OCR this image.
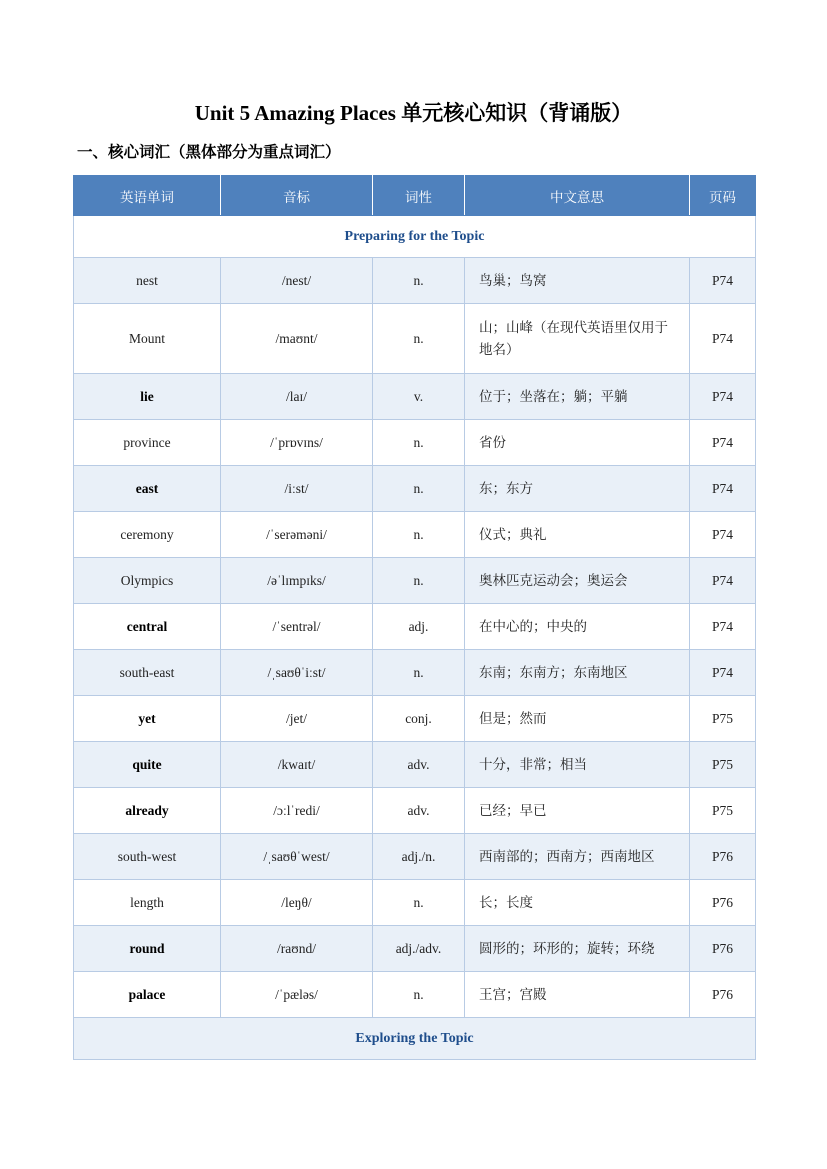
Unit 5 Amazing Places 单元核心知识（背诵版）
一、核心词汇（黑体部分为重点词汇）
英语单词	音标	词性	中文意思	页码
Preparing for the Topic				
nest	/nest/	n.	鸟巢；鸟窝	P74
Mount	/maʊnt/	n.	山；山峰（在现代英语里仅用于地名）	P74
lie	/laɪ/	v.	位于；坐落在；躺；平躺	P74
province	/ˈprɒvɪns/	n.	省份	P74
east	/iːst/	n.	东；东方	P74
ceremony	/ˈserəməni/	n.	仪式；典礼	P74
Olympics	/əˈlɪmpɪks/	n.	奥林匹克运动会；奥运会	P74
central	/ˈsentrəl/	adj.	在中心的；中央的	P74
south-east	/ˌsaʊθˈiːst/	n.	东南；东南方；东南地区	P74
yet	/jet/	conj.	但是；然而	P75
quite	/kwaɪt/	adv.	十分，非常；相当	P75
already	/ɔːlˈredi/	adv.	已经；早已	P75
south-west	/ˌsaʊθˈwest/	adj./n.	西南部的；西南方；西南地区	P76
length	/leŋθ/	n.	长；长度	P76
round	/raʊnd/	adj./adv.	圆形的；环形的；旋转；环绕	P76
palace	/ˈpæləs/	n.	王宫；宫殿	P76
Exploring the Topic				
